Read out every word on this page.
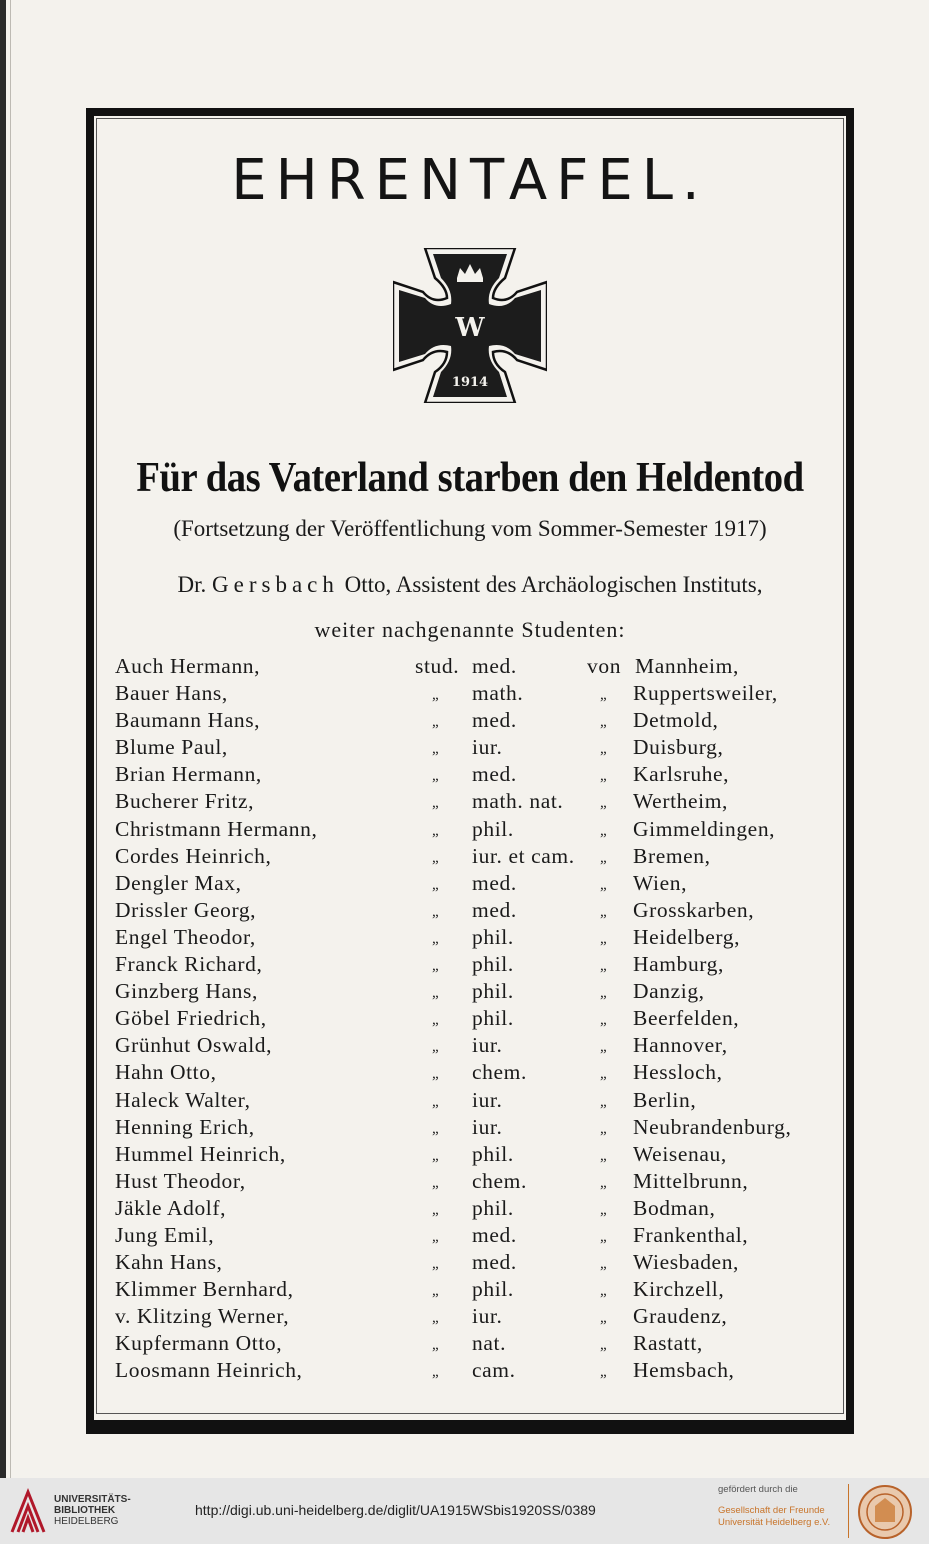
EHRENTAFEL.
W
1914
Für das Vaterland starben den Heldentod
(Fortsetzung der Veröffentlichung vom Sommer-Semester 1917)
Dr. Gersbach Otto, Assistent des Archäologischen Instituts,
weiter nachgenannte Studenten:
Auch Hermann,	stud. med.	von Mannheim,
Bauer Hans,	„ math.	„ Ruppertsweiler,
Baumann Hans,	„ med.	„ Detmold,
Blume Paul,	„ iur.	„ Duisburg,
Brian Hermann,	„ med.	„ Karlsruhe,
Bucherer Fritz,	„ math. nat. „ Wertheim,
Christmann Hermann,	„ phil.	„ Gimmeldingen,
Cordes Heinrich,	„ iur. et cam. „ Bremen,
Dengler Max,	„ med.	„ Wien,
Drissler Georg,	„ med.	„ Grosskarben,
Engel Theodor,	„ phil.	„ Heidelberg,
Franck Richard,	„ phil.	„ Hamburg,
Ginzberg Hans,	„ phil.	„ Danzig,
Göbel Friedrich,	„ phil.	„ Beerfelden,
Grünhut Oswald,	„ iur.	„ Hannover,
Hahn Otto,	„ chem.	„ Hessloch,
Haleck Walter,	„ iur.	„ Berlin,
Henning Erich,	„ iur.	„ Neubrandenburg,
Hummel Heinrich,	„ phil.	„ Weisenau,
Hust Theodor,	„ chem.	„ Mittelbrunn,
Jäkle Adolf,	„ phil.	„ Bodman,
Jung Emil,	„ med.	„ Frankenthal,
Kahn Hans,	„ med.	„ Wiesbaden,
Klimmer Bernhard,	„ phil.	„ Kirchzell,
v. Klitzing Werner,	„ iur.	„ Graudenz,
Kupfermann Otto,	„ nat.	„ Rastatt,
Loosmann Heinrich,	„ cam.	„ Hemsbach,
UNIVERSITÄTS-
BIBLIOTHEK
HEIDELBERG
http://digi.ub.uni-heidelberg.de/diglit/UA1915WSbis1920SS/0389
gefördert durch die
Gesellschaft der Freunde
Universität Heidelberg e.V.
